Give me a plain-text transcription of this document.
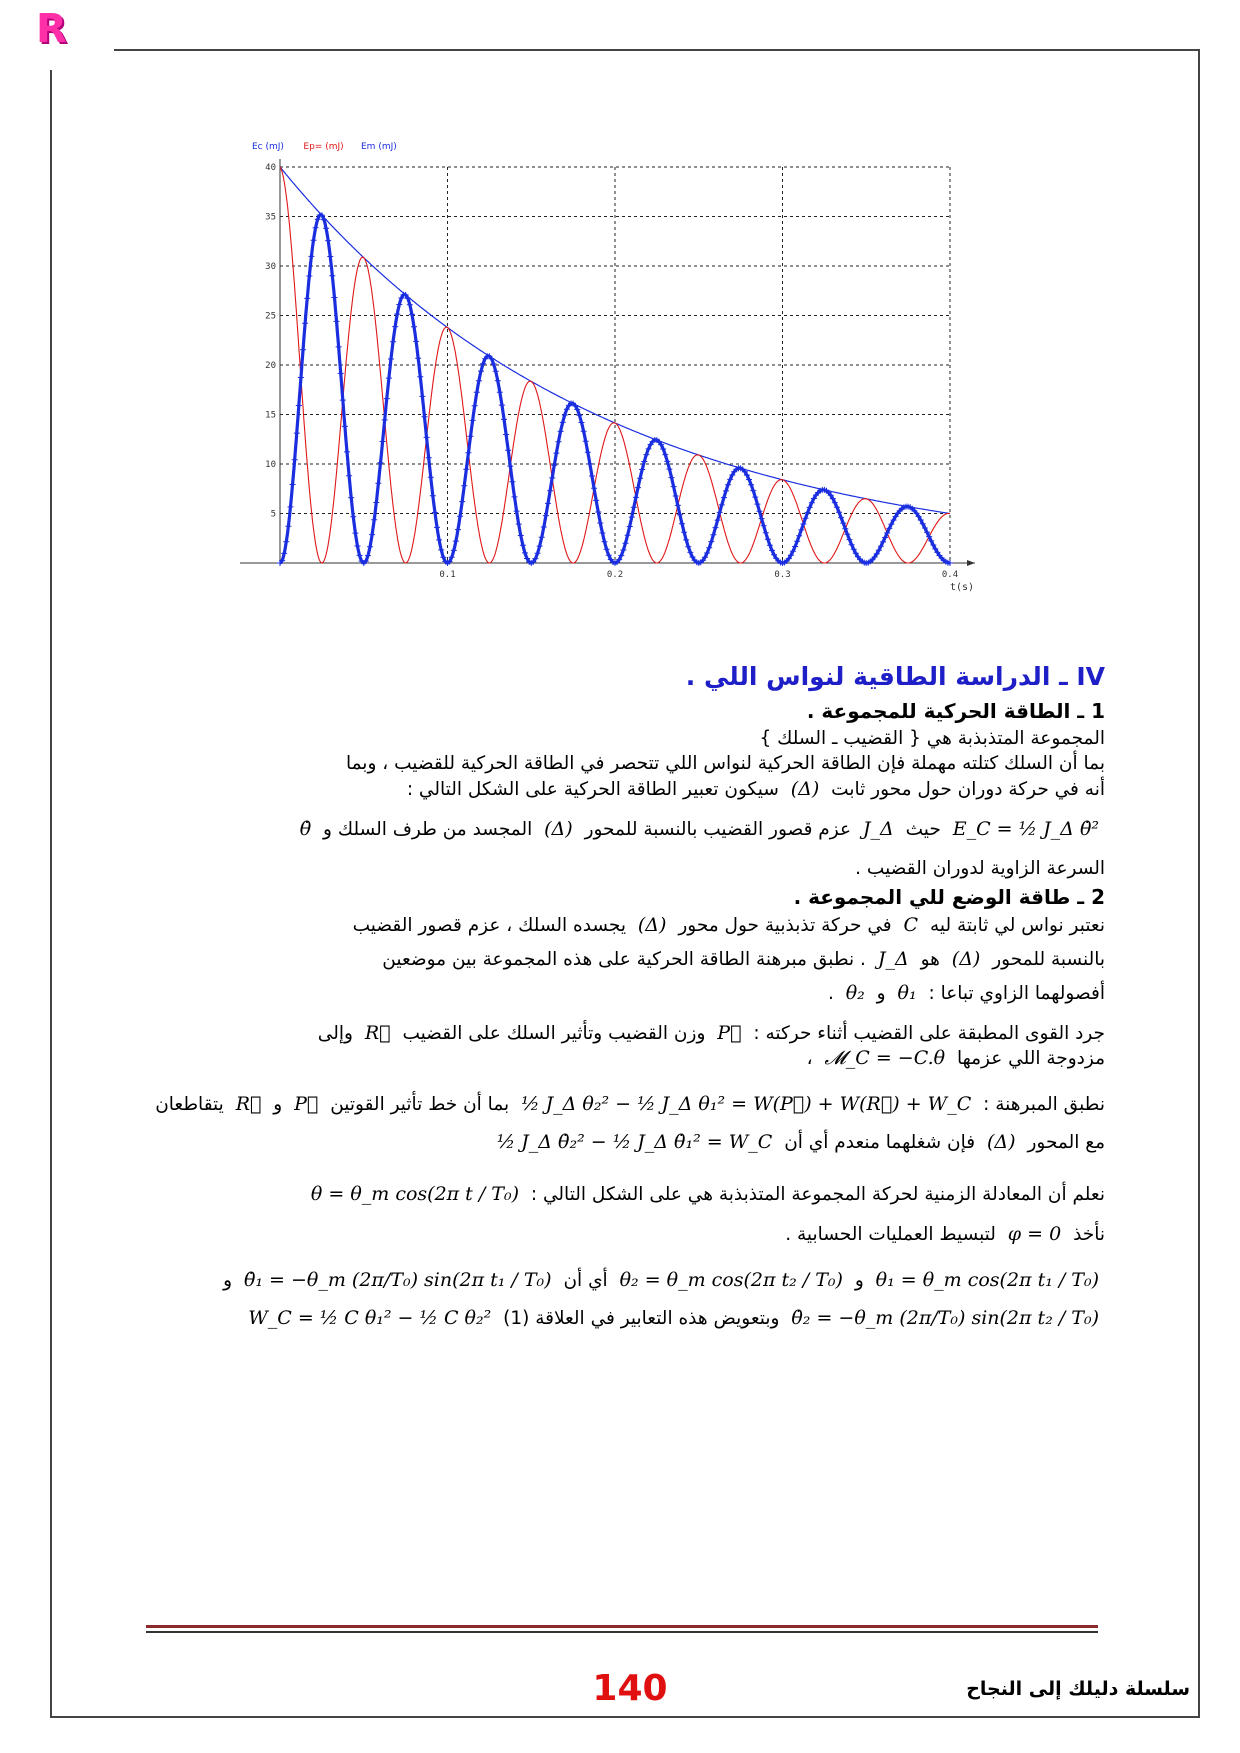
R
t(s)
5
10
15
20
25
30
35
40
0.1	0.2	0.3	0.4
Ec (mJ) Ep= (mJ) Em (mJ)
IV ـ الدراسة الطاقية لنواس اللي .
1 ـ الطاقة الحركية للمجموعة .

المجموعة المتذبذبة هي { القضيب ـ السلك }

بما أن السلك كتلته مهملة فإن الطاقة الحركية لنواس اللي تتحصر في الطاقة الحركية للقضيب ، وبما

أنه في حركة دوران حول محور ثابت (Δ) سيكون تعبير الطاقة الحركية على الشكل التالي :

E_C = ½ J_Δ θ̇² حيث J_Δ عزم قصور القضيب بالنسبة للمحور (Δ) المجسد من طرف السلك و θ̇

السرعة الزاوية لدوران القضيب .

2 ـ طاقة الوضع للي المجموعة .

نعتبر نواس لي ثابتة ليه C في حركة تذبذبية حول محور (Δ) يجسده السلك ، عزم قصور القضيب

بالنسبة للمحور (Δ) هو J_Δ . نطبق مبرهنة الطاقة الحركية على هذه المجموعة بين موضعين

أفصولهما الزاوي تباعا : θ₁ و θ₂ .

جرد القوى المطبقة على القضيب أثناء حركته : P⃗ وزن القضيب وتأثير السلك على القضيب R⃗ وإلى

مزدوجة اللي عزمها 𝓜_C = −C.θ ،

نطبق المبرهنة : ½ J_Δ θ₂² − ½ J_Δ θ₁² = W(P⃗) + W(R⃗) + W_C بما أن خط تأثير القوتين P⃗ و R⃗ يتقاطعان

مع المحور (Δ) فإن شغلهما منعدم أي أن ½ J_Δ θ̇₂² − ½ J_Δ θ̇₁² = W_C

نعلم أن المعادلة الزمنية لحركة المجموعة المتذبذبة هي على الشكل التالي : θ = θ_m cos(2π t / T₀)

نأخذ φ = 0 لتبسيط العمليات الحسابية .

θ₁ = θ_m cos(2π t₁ / T₀) و θ₂ = θ_m cos(2π t₂ / T₀) أي أن θ̇₁ = −θ_m (2π/T₀) sin(2π t₁ / T₀) و

θ̇₂ = −θ_m (2π/T₀) sin(2π t₂ / T₀) وبتعويض هذه التعابير في العلاقة (1) W_C = ½ C θ₁² − ½ C θ₂²

140	سلسلة دليلك إلى النجاح
